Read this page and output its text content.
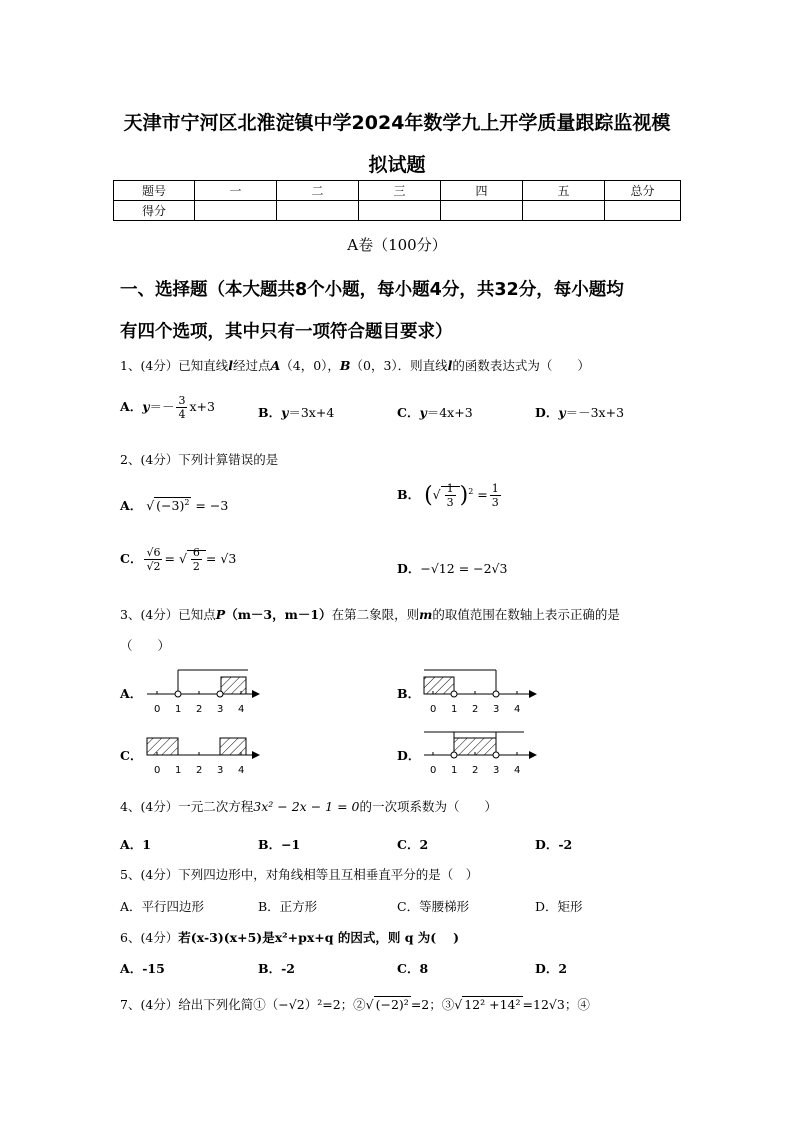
天津市宁河区北淮淀镇中学2024年数学九上开学质量跟踪监视模
拟试题
题号	一	二	三	四	五	总分
得分						
A卷（100分）
一、选择题（本大题共8个小题，每小题4分，共32分，每小题均
有四个选项，其中只有一项符合题目要求）
1、(4分）已知直线l经过点A（4，0），B（0，3）．则直线l的函数表达式为（　　）
A．$y=- \frac{3}{4} x+3$	B．y＝3x+4	C．y＝4x+3	D．y＝－3x+3
2、(4分）下列计算错误的是
A． √ $(-3)^2 = -3$
B． (√ $\frac{1}{3} )^2 = \frac{1}{3}$
C． $\frac{√6}{√2}$ = √ $\frac{6}{2} = √3$
D．−√12 = −2√3
3、(4分）已知点P（m－3，m－1）在第二象限，则m的取值范围在数轴上表示正确的是
（　　）
0 1 2 3 4	0 1 2 3 4
0 1 2 3 4	0 1 2 3 4
A．	B．
C．	D．
4、(4分）一元二次方程3x² − 2x − 1 = 0的一次项系数为（　　）
A．1	B．−1	C．2	D．-2
5、(4分）下列四边形中，对角线相等且互相垂直平分的是（　）
A．平行四边形	B．正方形	C．等腰梯形	D．矩形
6、(4分）若(x-3)(x+5)是x²+px+q 的因式，则 q 为(　 )
A．-15	B．-2	C．8	D．2
7、(4分）给出下列化简①（−√2）²=2；②√ (−2)² =2；③√ 12² +14² =12√3；④
